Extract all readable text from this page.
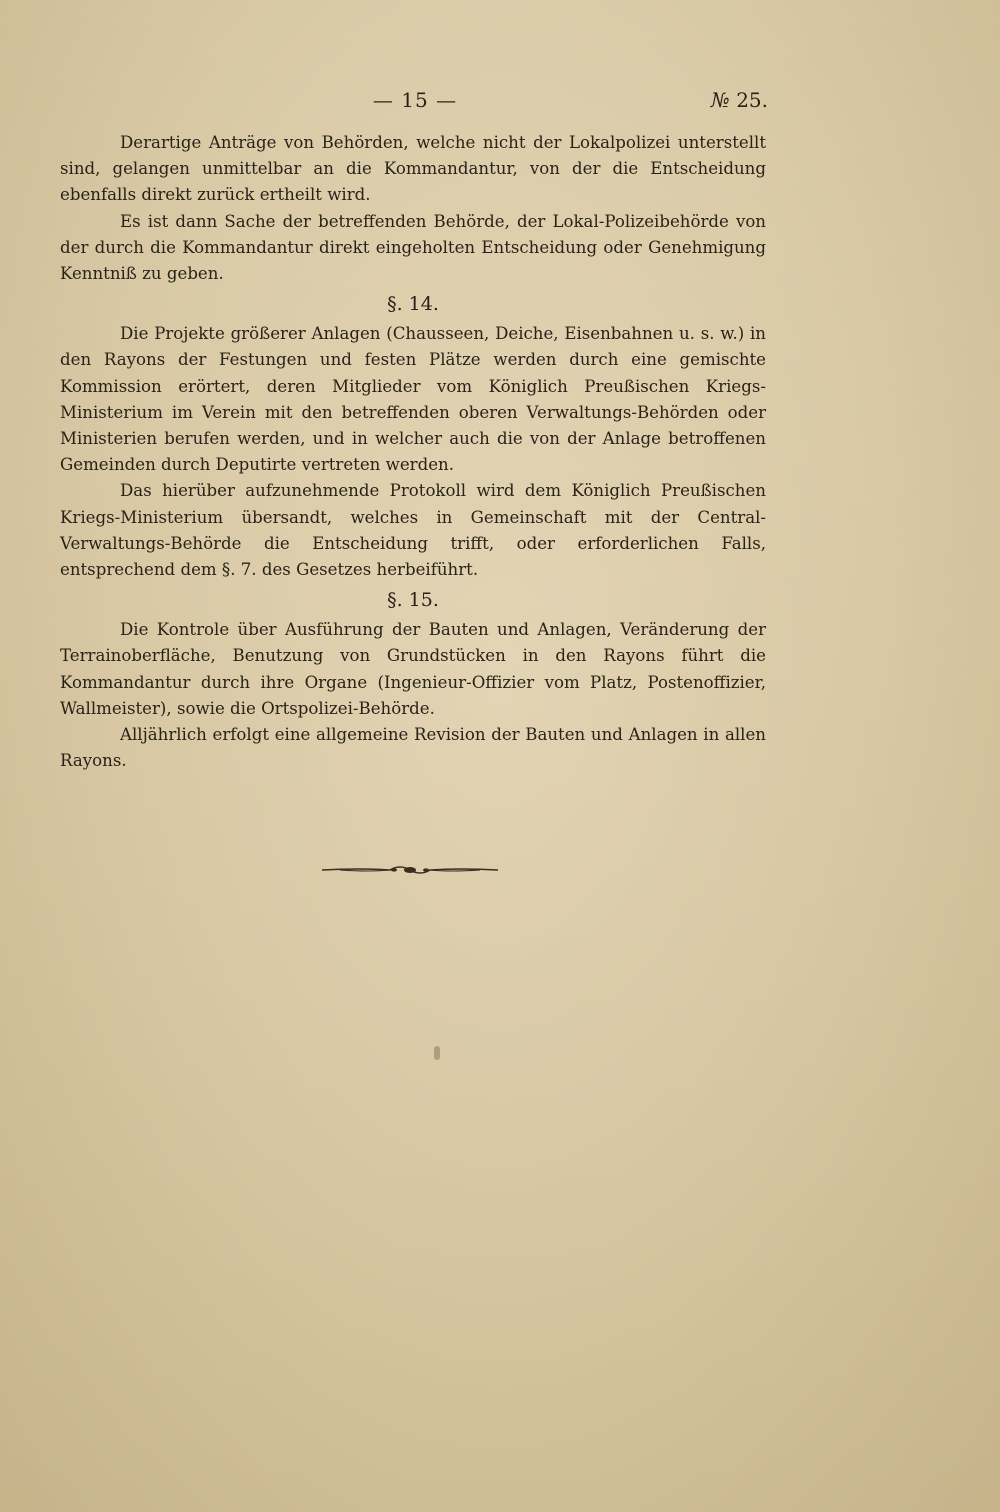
— 15 —	№ 25.

Derartige Anträge von Behörden, welche nicht der Lokalpolizei unterstellt sind, gelangen unmittelbar an die Kommandantur, von der die Entscheidung ebenfalls direkt zurück ertheilt wird.

Es ist dann Sache der betreffenden Behörde, der Lokal-Polizeibehörde von der durch die Kommandantur direkt eingeholten Entscheidung oder Genehmigung Kenntniß zu geben.

§. 14.

Die Projekte größerer Anlagen (Chausseen, Deiche, Eisenbahnen u. s. w.) in den Rayons der Festungen und festen Plätze werden durch eine gemischte Kommission erörtert, deren Mitglieder vom Königlich Preußischen Kriegs-Ministerium im Verein mit den betreffenden oberen Verwaltungs-Behörden oder Ministerien berufen werden, und in welcher auch die von der Anlage betroffenen Gemeinden durch Deputirte vertreten werden.

Das hierüber aufzunehmende Protokoll wird dem Königlich Preußischen Kriegs-Ministerium übersandt, welches in Gemeinschaft mit der Central-Verwaltungs-Behörde die Entscheidung trifft, oder erforderlichen Falls, entsprechend dem §. 7. des Gesetzes herbeiführt.

§. 15.

Die Kontrole über Ausführung der Bauten und Anlagen, Veränderung der Terrainoberfläche, Benutzung von Grundstücken in den Rayons führt die Kommandantur durch ihre Organe (Ingenieur-Offizier vom Platz, Postenoffizier, Wallmeister), sowie die Ortspolizei-Behörde.

Alljährlich erfolgt eine allgemeine Revision der Bauten und Anlagen in allen Rayons.
